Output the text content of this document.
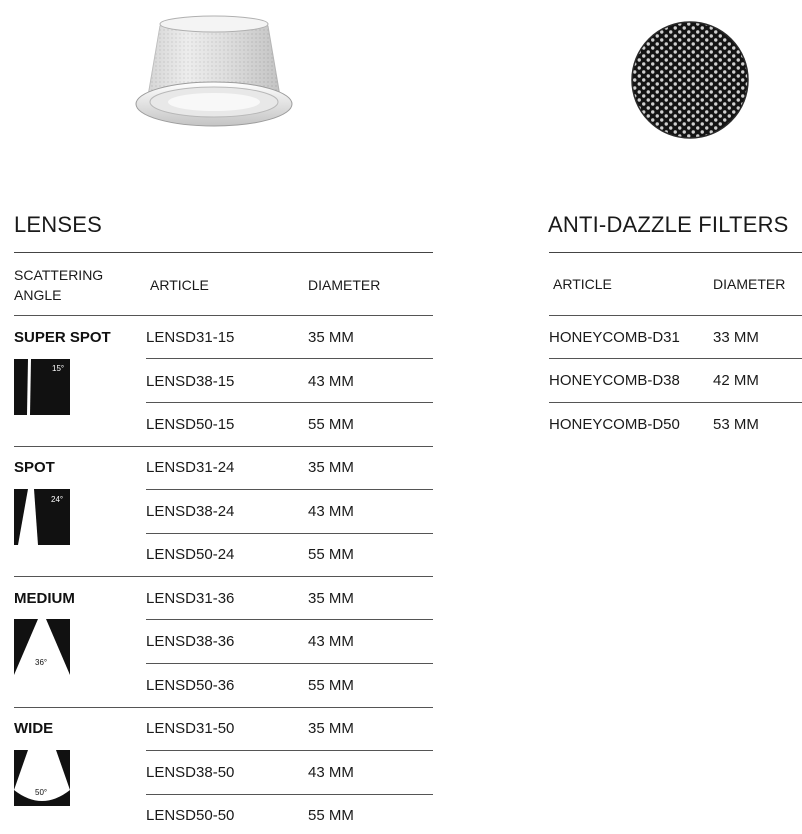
LENSES
SCATTERING
ANGLE
ARTICLE	DIAMETER
SUPER SPOT
15°
LENSD31-15	35 MM
LENSD38-15	43 MM
LENSD50-15	55 MM
SPOT
24°
LENSD31-24	35 MM
LENSD38-24	43 MM
LENSD50-24	55 MM
MEDIUM
36°
LENSD31-36	35 MM
LENSD38-36	43 MM
LENSD50-36	55 MM
WIDE
50°
LENSD31-50	35 MM
LENSD38-50	43 MM
LENSD50-50	55 MM
ANTI-DAZZLE FILTERS
ARTICLE	DIAMETER
HONEYCOMB-D31 33 MM
HONEYCOMB-D38 42 MM
HONEYCOMB-D50 53 MM
